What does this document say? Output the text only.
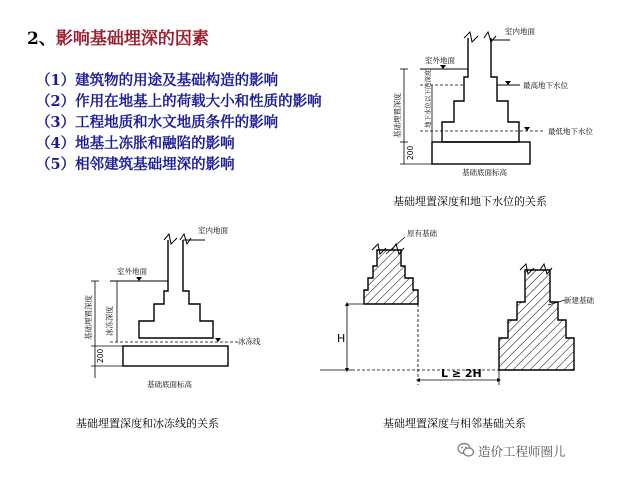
2、影响基础埋深的因素
（1）建筑物的用途及基础构造的影响
（2）作用在地基上的荷载大小和性质的影响
（3）工程地质和水文地质条件的影响
（4）地基土冻胀和融陷的影响
（5）相邻建筑基础埋深的影响
室内地面
室外地面
最高地下水位
最低地下水位
基础埋置深度	地下水位以下的深度
200
基础底面标高
基础埋置深度和地下水位的关系
室内地面
室外地面
冰冻深度
冰冻线
基础埋置深度
200
基础底面标高
基础埋置深度和冰冻线的关系
原有基础
新建基础
H
L ≥ 2H
基础埋置深度与相邻基础关系
造价工程师圈儿
